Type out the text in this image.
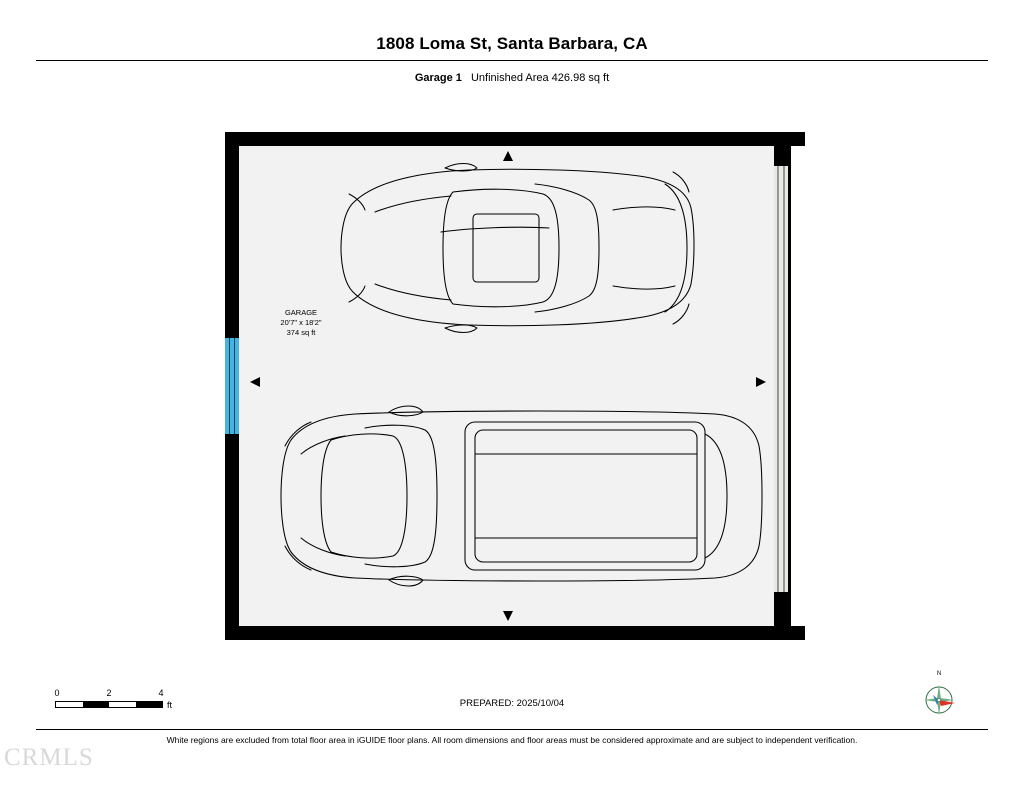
1808 Loma St, Santa Barbara, CA
Garage 1 Unfinished Area 426.98 sq ft
GARAGE
20'7" x 18'2"
374 sq ft
0	2	4
ft	PREPARED: 2025/10/04
N
White regions are excluded from total floor area in iGUIDE floor plans. All room dimensions and floor areas must be considered approximate and are subject to independent verification.
CRMLS
